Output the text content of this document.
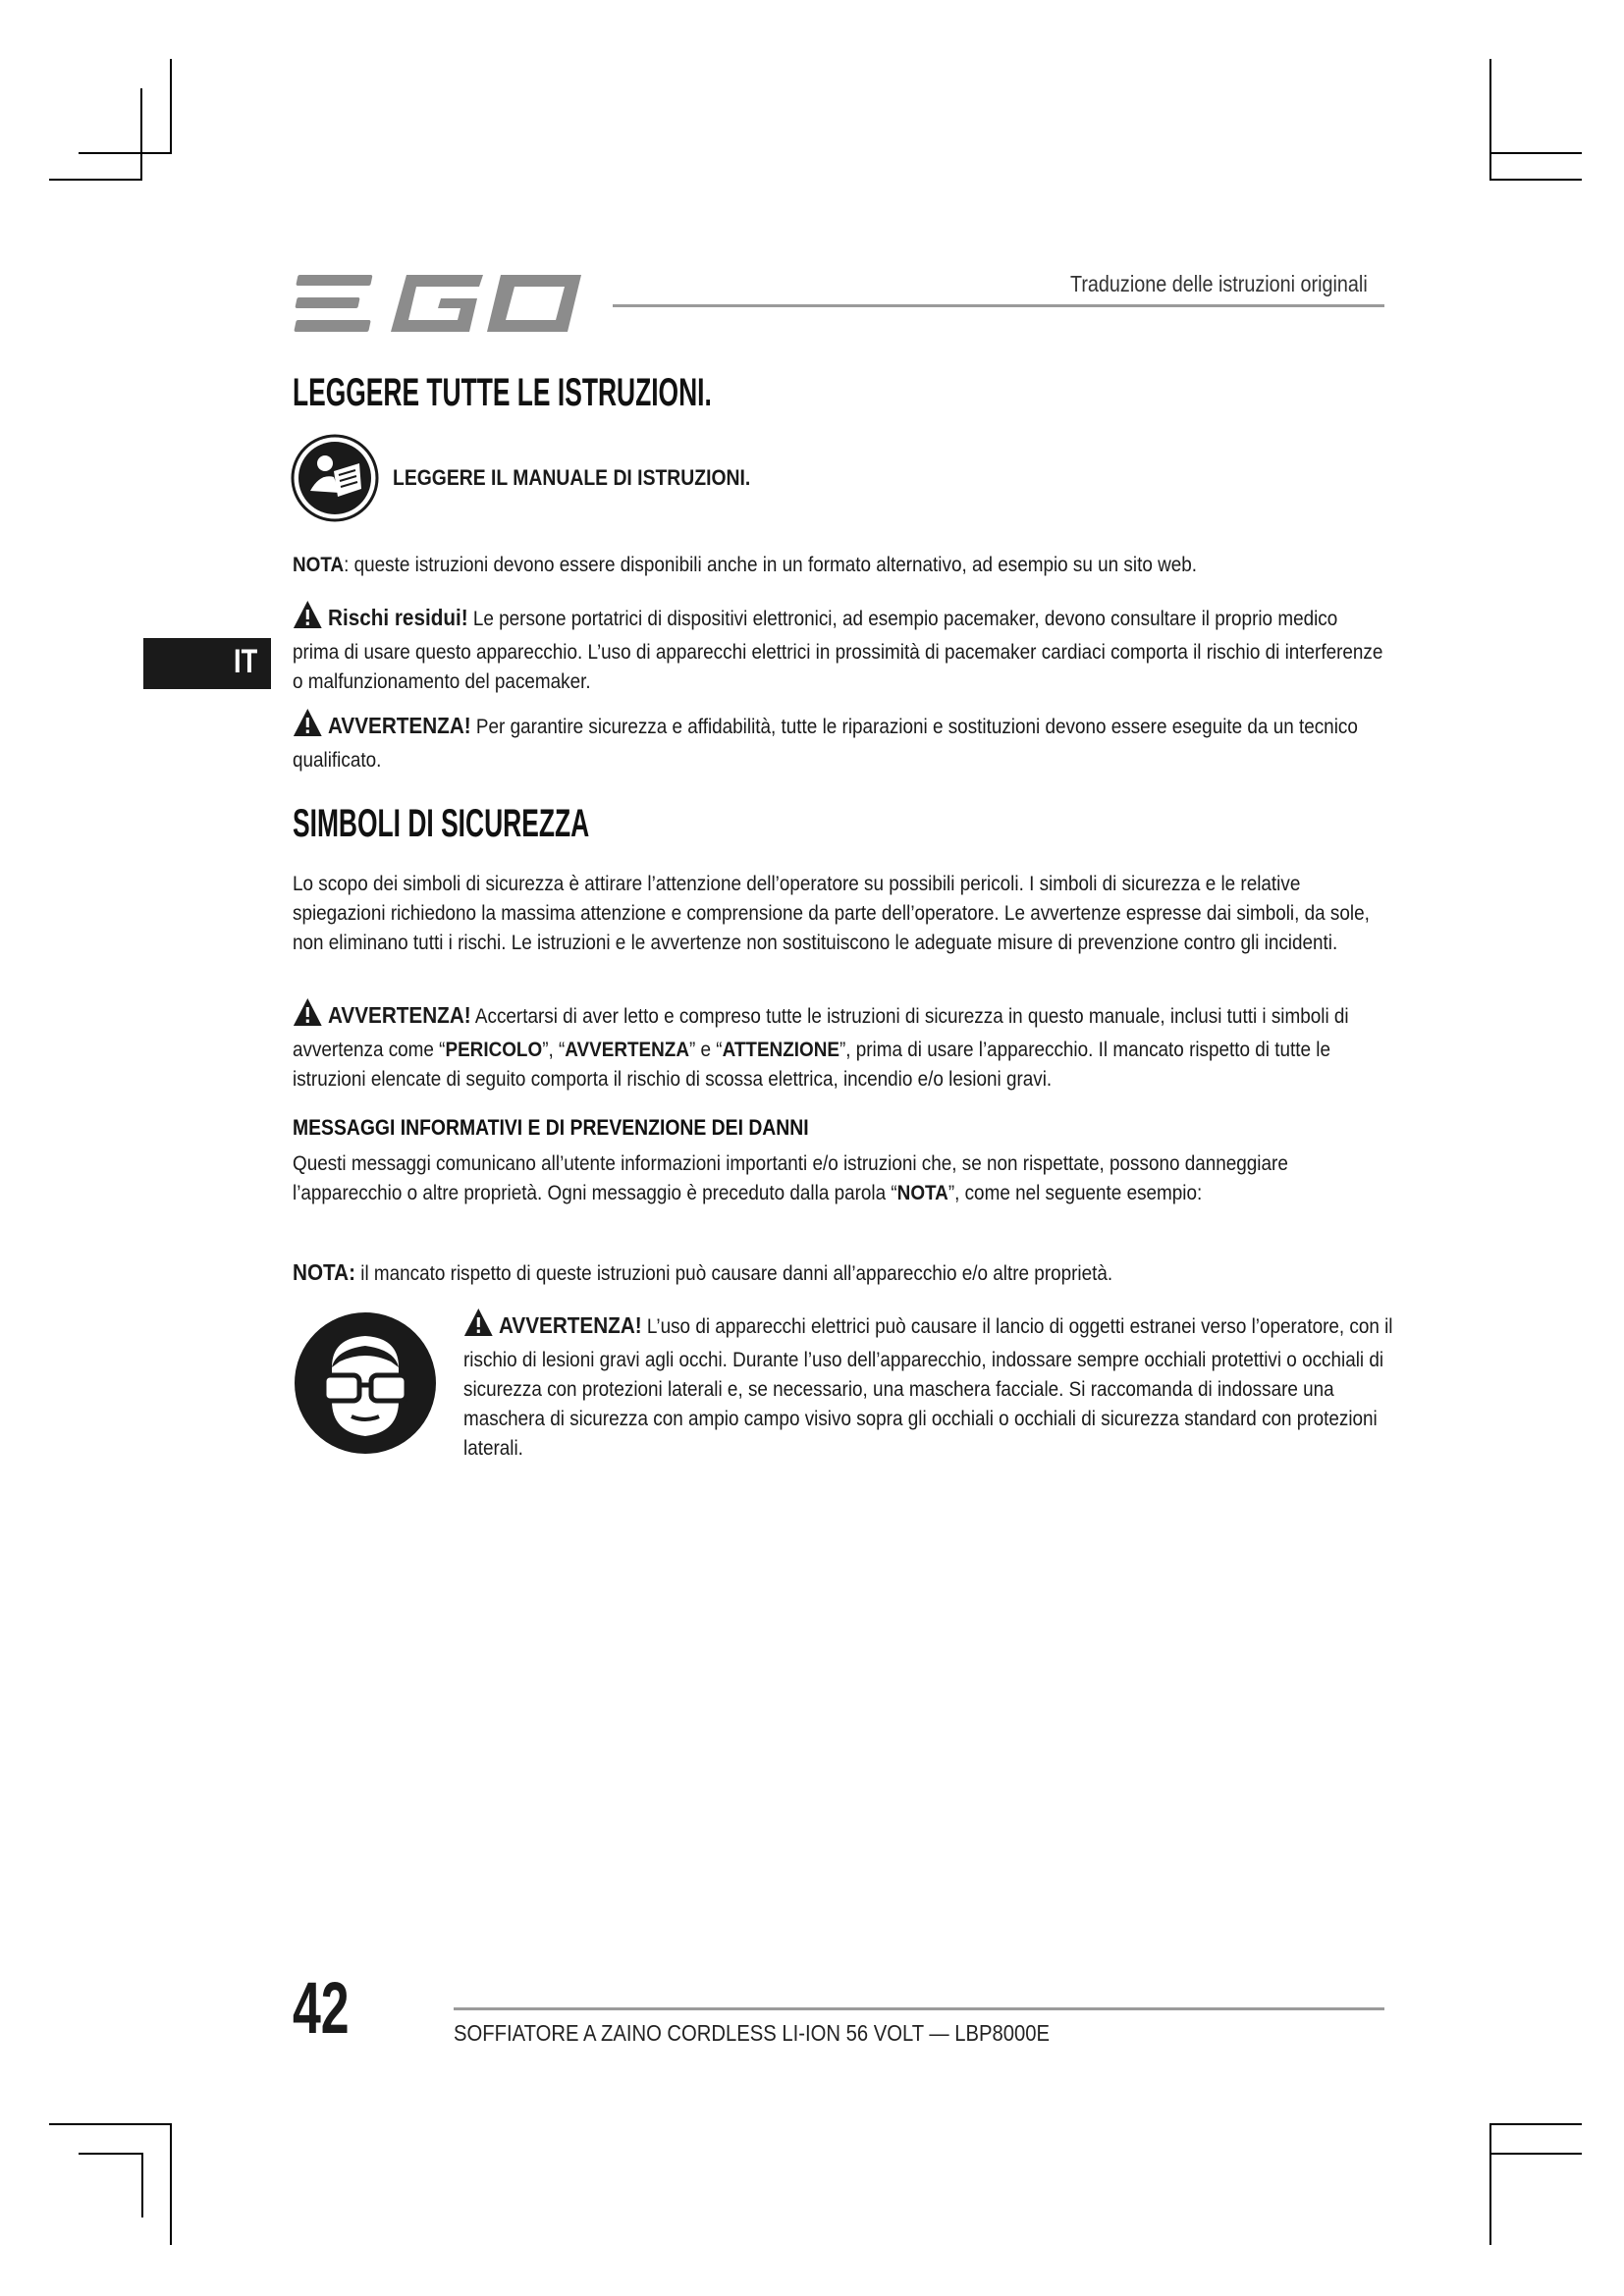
Traduzione delle istruzioni originali
IT
LEGGERE TUTTE LE ISTRUZIONI.
LEGGERE IL MANUALE DI ISTRUZIONI.
NOTA: queste istruzioni devono essere disponibili anche in un formato alternativo, ad esempio su un sito web.
Rischi residui! Le persone portatrici di dispositivi elettronici, ad esempio pacemaker, devono consultare il proprio medico prima di usare questo apparecchio. L’uso di apparecchi elettrici in prossimità di pacemaker cardiaci comporta il rischio di interferenze o malfunzionamento del pacemaker.
AVVERTENZA! Per garantire sicurezza e affidabilità, tutte le riparazioni e sostituzioni devono essere eseguite da un tecnico qualificato.
SIMBOLI DI SICUREZZA
Lo scopo dei simboli di sicurezza è attirare l’attenzione dell’operatore su possibili pericoli. I simboli di sicurezza e le relative spiegazioni richiedono la massima attenzione e comprensione da parte dell’operatore. Le avvertenze espresse dai simboli, da sole, non eliminano tutti i rischi. Le istruzioni e le avvertenze non sostituiscono le adeguate misure di prevenzione contro gli incidenti.
AVVERTENZA! Accertarsi di aver letto e compreso tutte le istruzioni di sicurezza in questo manuale, inclusi tutti i simboli di avvertenza come “PERICOLO”, “AVVERTENZA” e “ATTENZIONE”, prima di usare l’apparecchio. Il mancato rispetto di tutte le istruzioni elencate di seguito comporta il rischio di scossa elettrica, incendio e/o lesioni gravi.
MESSAGGI INFORMATIVI E DI PREVENZIONE DEI DANNI
Questi messaggi comunicano all’utente informazioni importanti e/o istruzioni che, se non rispettate, possono danneggiare l’apparecchio o altre proprietà. Ogni messaggio è preceduto dalla parola “NOTA”, come nel seguente esempio:
NOTA: il mancato rispetto di queste istruzioni può causare danni all’apparecchio e/o altre proprietà.
AVVERTENZA! L’uso di apparecchi elettrici può causare il lancio di oggetti estranei verso l’operatore, con il rischio di lesioni gravi agli occhi. Durante l’uso dell’apparecchio, indossare sempre occhiali protettivi o occhiali di sicurezza con protezioni laterali e, se necessario, una maschera facciale. Si raccomanda di indossare una maschera di sicurezza con ampio campo visivo sopra gli occhiali o occhiali di sicurezza standard con protezioni laterali.
42	SOFFIATORE A ZAINO CORDLESS LI-ION 56 VOLT — LBP8000E
